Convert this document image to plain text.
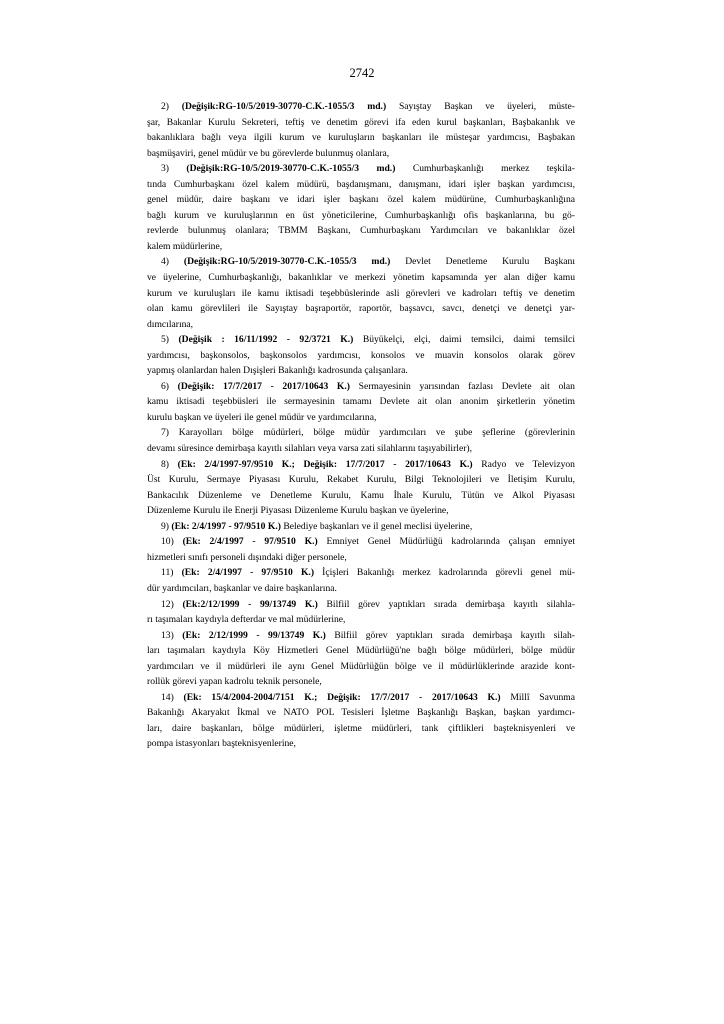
2742
2) (Değişik:RG-10/5/2019-30770-C.K.-1055/3 md.) Sayıştay Başkan ve üyeleri, müste-
şar, Bakanlar Kurulu Sekreteri, teftiş ve denetim görevi ifa eden kurul başkanları, Başbakanlık ve
bakanlıklara bağlı veya ilgili kurum ve kuruluşların başkanları ile müsteşar yardımcısı, Başbakan
başmüşaviri, genel müdür ve bu görevlerde bulunmuş olanlara,
3) (Değişik:RG-10/5/2019-30770-C.K.-1055/3 md.) Cumhurbaşkanlığı merkez teşkila-
tında Cumhurbaşkanı özel kalem müdürü, başdanışmanı, danışmanı, idari işler başkan yardımcısı,
genel müdür, daire başkanı ve idari işler başkanı özel kalem müdürüne, Cumhurbaşkanlığına
bağlı kurum ve kuruluşlarının en üst yöneticilerine, Cumhurbaşkanlığı ofis başkanlarına, bu gö-
revlerde bulunmuş olanlara; TBMM Başkanı, Cumhurbaşkanı Yardımcıları ve bakanlıklar özel
kalem müdürlerine,
4) (Değişik:RG-10/5/2019-30770-C.K.-1055/3 md.) Devlet Denetleme Kurulu Başkanı
ve üyelerine, Cumhurbaşkanlığı, bakanlıklar ve merkezi yönetim kapsamında yer alan diğer kamu
kurum ve kuruluşları ile kamu iktisadi teşebbüslerinde asli görevleri ve kadroları teftiş ve denetim
olan kamu görevlileri ile Sayıştay başraportör, raportör, başsavcı, savcı, denetçi ve denetçi yar-
dımcılarına,
5) (Değişik : 16/11/1992 - 92/3721 K.) Büyükelçi, elçi, daimi temsilci, daimi temsilci
yardımcısı, başkonsolos, başkonsolos yardımcısı, konsolos ve muavin konsolos olarak görev
yapmış olanlardan halen Dışişleri Bakanlığı kadrosunda çalışanlara.
6) (Değişik: 17/7/2017 - 2017/10643 K.) Sermayesinin yarısından fazlası Devlete ait olan
kamu iktisadi teşebbüsleri ile sermayesinin tamamı Devlete ait olan anonim şirketlerin yönetim
kurulu başkan ve üyeleri ile genel müdür ve yardımcılarına,
7) Karayolları bölge müdürleri, bölge müdür yardımcıları ve şube şeflerine (görevlerinin
devamı süresince demirbaşa kayıtlı silahları veya varsa zati silahlarını taşıyabilirler),
8) (Ek: 2/4/1997-97/9510 K.; Değişik: 17/7/2017 - 2017/10643 K.) Radyo ve Televizyon
Üst Kurulu, Sermaye Piyasası Kurulu, Rekabet Kurulu, Bilgi Teknolojileri ve İletişim Kurulu,
Bankacılık Düzenleme ve Denetleme Kurulu, Kamu İhale Kurulu, Tütün ve Alkol Piyasası
Düzenleme Kurulu ile Enerji Piyasası Düzenleme Kurulu başkan ve üyelerine,
9) (Ek: 2/4/1997 - 97/9510 K.) Belediye başkanları ve il genel meclisi üyelerine,
10) (Ek: 2/4/1997 - 97/9510 K.) Emniyet Genel Müdürlüğü kadrolarında çalışan emniyet
hizmetleri sınıfı personeli dışındaki diğer personele,
11) (Ek: 2/4/1997 - 97/9510 K.) İçişleri Bakanlığı merkez kadrolarında görevli genel mü-
dür yardımcıları, başkanlar ve daire başkanlarına.
12) (Ek:2/12/1999 - 99/13749 K.) Bilfiil görev yaptıkları sırada demirbaşa kayıtlı silahla-
rı taşımaları kaydıyla defterdar ve mal müdürlerine,
13) (Ek: 2/12/1999 - 99/13749 K.) Bilfiil görev yaptıkları sırada demirbaşa kayıtlı silah-
ları taşımaları kaydıyla Köy Hizmetleri Genel Müdürlüğü'ne bağlı bölge müdürleri, bölge müdür
yardımcıları ve il müdürleri ile aynı Genel Müdürlüğün bölge ve il müdürlüklerinde arazide kont-
rollük görevi yapan kadrolu teknik personele,
14) (Ek: 15/4/2004-2004/7151 K.; Değişik: 17/7/2017 - 2017/10643 K.) Millî Savunma
Bakanlığı Akaryakıt İkmal ve NATO POL Tesisleri İşletme Başkanlığı Başkan, başkan yardımcı-
ları, daire başkanları, bölge müdürleri, işletme müdürleri, tank çiftlikleri başteknisyenleri ve
pompa istasyonları başteknisyenlerine,
